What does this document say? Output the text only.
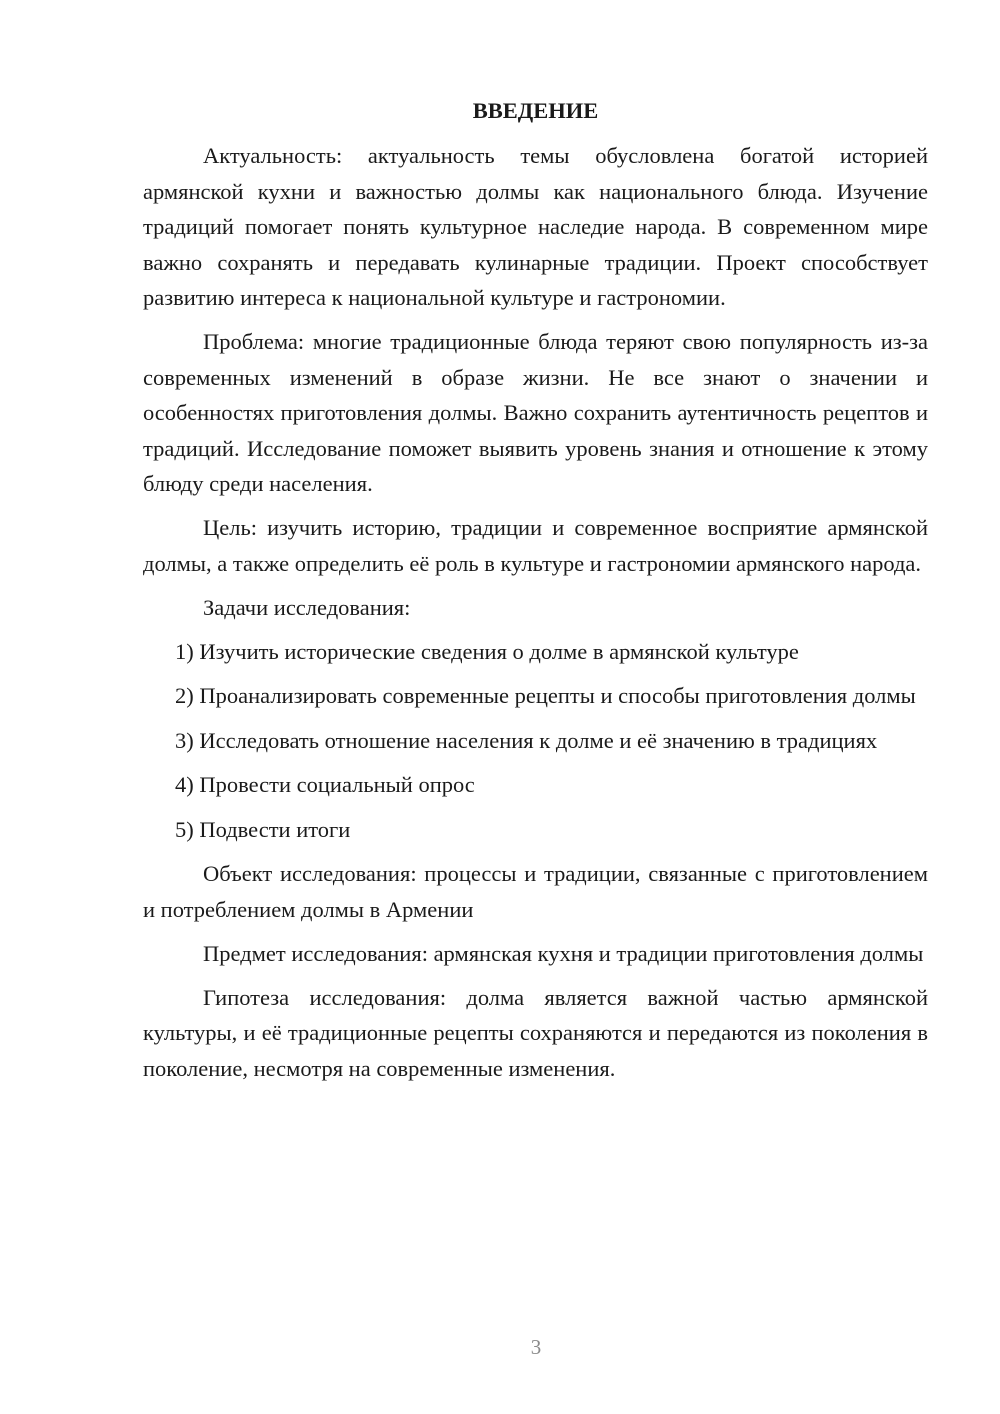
ВВЕДЕНИЕ
Актуальность: актуальность темы обусловлена богатой историей армянской кухни и важностью долмы как национального блюда. Изучение традиций помогает понять культурное наследие народа. В современном мире важно сохранять и передавать кулинарные традиции. Проект способствует развитию интереса к национальной культуре и гастрономии.
Проблема: многие традиционные блюда теряют свою популярность из-за современных изменений в образе жизни. Не все знают о значении и особенностях приготовления долмы. Важно сохранить аутентичность рецептов и традиций. Исследование поможет выявить уровень знания и отношение к этому блюду среди населения.
Цель: изучить историю, традиции и современное восприятие армянской долмы, а также определить её роль в культуре и гастрономии армянского народа.
Задачи исследования:
1) Изучить исторические сведения о долме в армянской культуре
2) Проанализировать современные рецепты и способы приготовления долмы
3) Исследовать отношение населения к долме и её значению в традициях
4) Провести социальный опрос
5) Подвести итоги
Объект исследования: процессы и традиции, связанные с приготовлением и потреблением долмы в Армении
Предмет исследования: армянская кухня и традиции приготовления долмы
Гипотеза исследования: долма является важной частью армянской культуры, и её традиционные рецепты сохраняются и передаются из поколения в поколение, несмотря на современные изменения.
3
